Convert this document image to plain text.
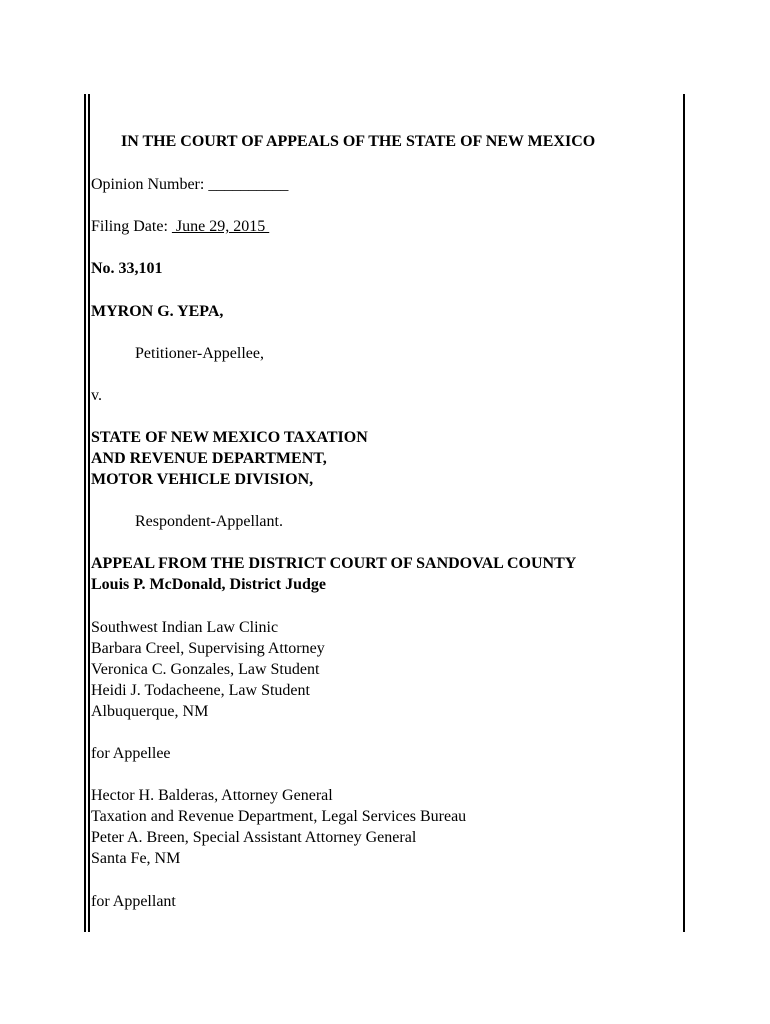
IN THE COURT OF APPEALS OF THE STATE OF NEW MEXICO
Opinion Number: __________
Filing Date:  June 29, 2015
No. 33,101
MYRON G. YEPA,
Petitioner-Appellee,
v.
STATE OF NEW MEXICO TAXATION
AND REVENUE DEPARTMENT,
MOTOR VEHICLE DIVISION,
Respondent-Appellant.
APPEAL FROM THE DISTRICT COURT OF SANDOVAL COUNTY
Louis P. McDonald, District Judge
Southwest Indian Law Clinic
Barbara Creel, Supervising Attorney
Veronica C. Gonzales, Law Student
Heidi J. Todacheene, Law Student
Albuquerque, NM
for Appellee
Hector H. Balderas, Attorney General
Taxation and Revenue Department, Legal Services Bureau
Peter A. Breen, Special Assistant Attorney General
Santa Fe, NM
for Appellant
